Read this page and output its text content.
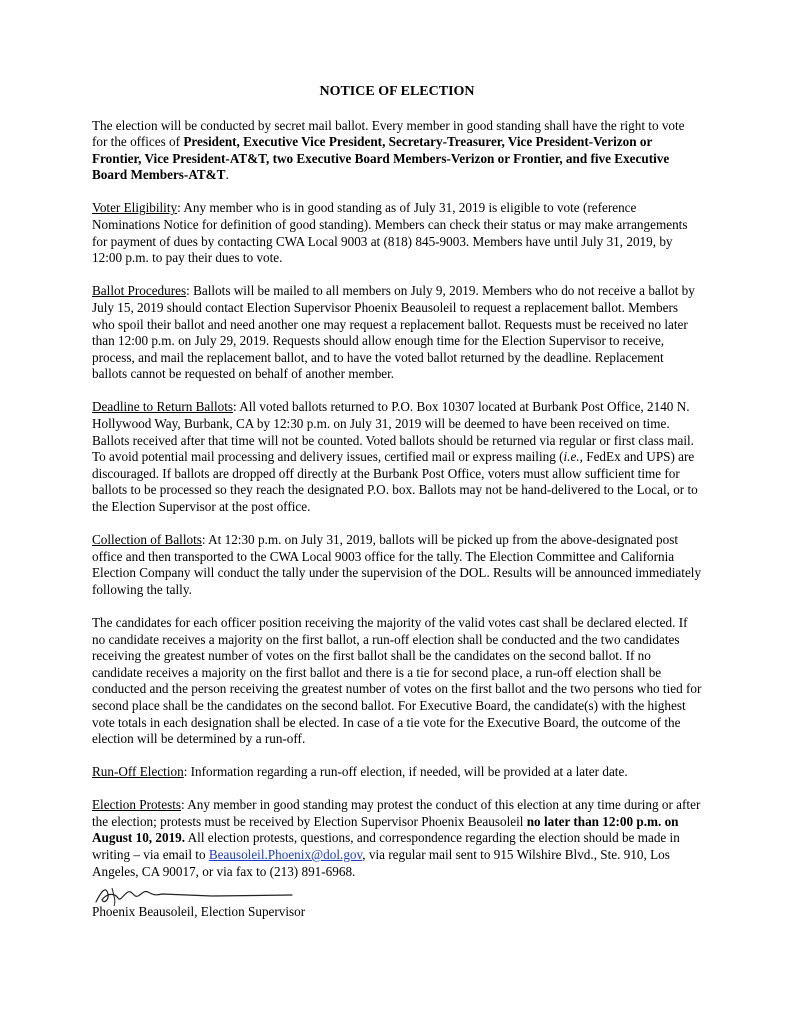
NOTICE OF ELECTION

The election will be conducted by secret mail ballot. Every member in good standing shall have the right to vote for the offices of President, Executive Vice President, Secretary-Treasurer, Vice President-Verizon or Frontier, Vice President-AT&T, two Executive Board Members-Verizon or Frontier, and five Executive Board Members-AT&T.

Voter Eligibility: Any member who is in good standing as of July 31, 2019 is eligible to vote (reference Nominations Notice for definition of good standing). Members can check their status or may make arrangements for payment of dues by contacting CWA Local 9003 at (818) 845-9003. Members have until July 31, 2019, by 12:00 p.m. to pay their dues to vote.

Ballot Procedures: Ballots will be mailed to all members on July 9, 2019. Members who do not receive a ballot by July 15, 2019 should contact Election Supervisor Phoenix Beausoleil to request a replacement ballot. Members who spoil their ballot and need another one may request a replacement ballot. Requests must be received no later than 12:00 p.m. on July 29, 2019. Requests should allow enough time for the Election Supervisor to receive, process, and mail the replacement ballot, and to have the voted ballot returned by the deadline. Replacement ballots cannot be requested on behalf of another member.

Deadline to Return Ballots: All voted ballots returned to P.O. Box 10307 located at Burbank Post Office, 2140 N. Hollywood Way, Burbank, CA by 12:30 p.m. on July 31, 2019 will be deemed to have been received on time. Ballots received after that time will not be counted. Voted ballots should be returned via regular or first class mail. To avoid potential mail processing and delivery issues, certified mail or express mailing (i.e., FedEx and UPS) are discouraged. If ballots are dropped off directly at the Burbank Post Office, voters must allow sufficient time for ballots to be processed so they reach the designated P.O. box. Ballots may not be hand-delivered to the Local, or to the Election Supervisor at the post office.

Collection of Ballots: At 12:30 p.m. on July 31, 2019, ballots will be picked up from the above-designated post office and then transported to the CWA Local 9003 office for the tally. The Election Committee and California Election Company will conduct the tally under the supervision of the DOL. Results will be announced immediately following the tally.

The candidates for each officer position receiving the majority of the valid votes cast shall be declared elected. If no candidate receives a majority on the first ballot, a run-off election shall be conducted and the two candidates receiving the greatest number of votes on the first ballot shall be the candidates on the second ballot. If no candidate receives a majority on the first ballot and there is a tie for second place, a run-off election shall be conducted and the person receiving the greatest number of votes on the first ballot and the two persons who tied for second place shall be the candidates on the second ballot. For Executive Board, the candidate(s) with the highest vote totals in each designation shall be elected. In case of a tie vote for the Executive Board, the outcome of the election will be determined by a run-off.

Run-Off Election: Information regarding a run-off election, if needed, will be provided at a later date.

Election Protests: Any member in good standing may protest the conduct of this election at any time during or after the election; protests must be received by Election Supervisor Phoenix Beausoleil no later than 12:00 p.m. on August 10, 2019. All election protests, questions, and correspondence regarding the election should be made in writing – via email to Beausoleil.Phoenix@dol.gov, via regular mail sent to 915 Wilshire Blvd., Ste. 910, Los Angeles, CA 90017, or via fax to (213) 891-6968.

Phoenix Beausoleil, Election Supervisor
